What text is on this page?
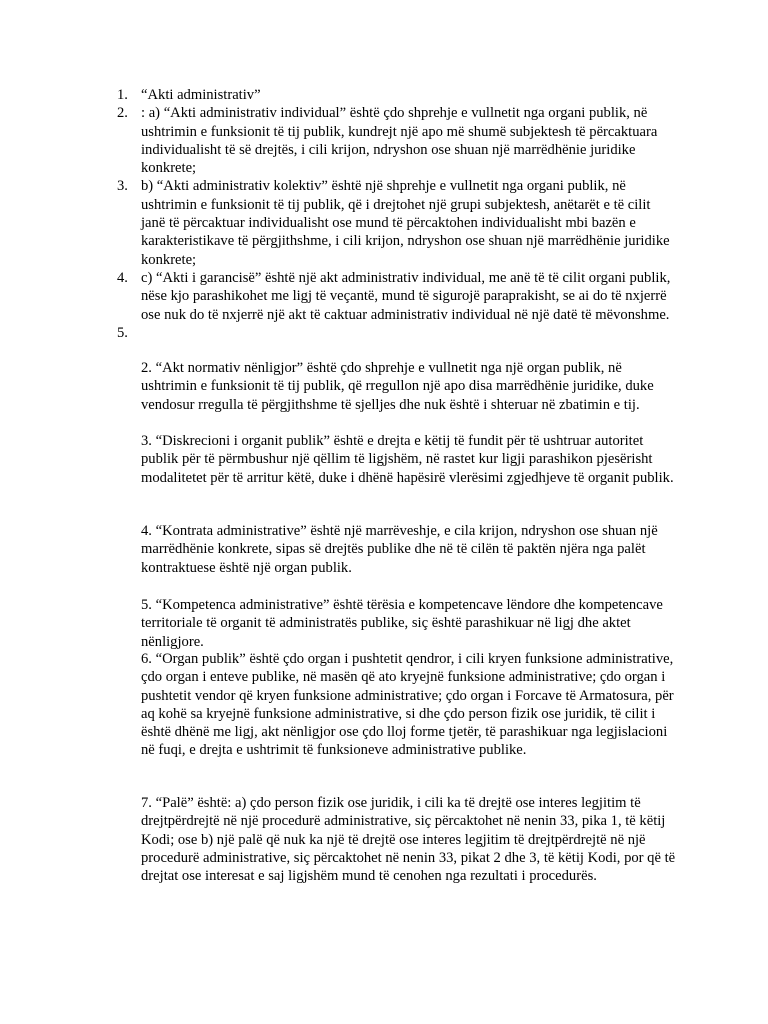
1. “Akti administrativ”
2. : a) “Akti administrativ individual” është çdo shprehje e vullnetit nga organi publik, në ushtrimin e funksionit të tij publik, kundrejt një apo më shumë subjektesh të përcaktuara individualisht të së drejtës, i cili krijon, ndryshon ose shuan një marrëdhënie juridike konkrete;
3. b) “Akti administrativ kolektiv” është një shprehje e vullnetit nga organi publik, në ushtrimin e funksionit të tij publik, që i drejtohet një grupi subjektesh, anëtarët e të cilit janë të përcaktuar individualisht ose mund të përcaktohen individualisht mbi bazën e karakteristikave të përgjithshme, i cili krijon, ndryshon ose shuan një marrëdhënie juridike konkrete;
4. c) “Akti i garancisë” është një akt administrativ individual, me anë të të cilit organi publik, nëse kjo parashikohet me ligj të veçantë, mund të sigurojë paraprakisht, se ai do të nxjerrë ose nuk do të nxjerrë një akt të caktuar administrativ individual në një datë të mëvonshme.
5.

2. “Akt normativ nënligjor” është çdo shprehje e vullnetit nga një organ publik, në ushtrimin e funksionit të tij publik, që rregullon një apo disa marrëdhënie juridike, duke vendosur rregulla të përgjithshme të sjelljes dhe nuk është i shteruar në zbatimin e tij.
3. “Diskrecioni i organit publik” është e drejta e këtij të fundit për të ushtruar autoritet publik për të përmbushur një qëllim të ligjshëm, në rastet kur ligji parashikon pjesërisht modalitetet për të arritur këtë, duke i dhënë hapësirë vlerësimi zgjedhjeve të organit publik.
4. “Kontrata administrative” është një marrëveshje, e cila krijon, ndryshon ose shuan një marrëdhënie konkrete, sipas së drejtës publike dhe në të cilën të paktën njëra nga palët kontraktuese është një organ publik.
5. “Kompetenca administrative” është tërësia e kompetencave lëndore dhe kompetencave territoriale të organit të administratës publike, siç është parashikuar në ligj dhe aktet nënligjore.
6. “Organ publik” është çdo organ i pushtetit qendror, i cili kryen funksione administrative, çdo organ i enteve publike, në masën që ato kryejnë funksione administrative; çdo organ i pushtetit vendor që kryen funksione administrative; çdo organ i Forcave të Armatosura, për aq kohë sa kryejnë funksione administrative, si dhe çdo person fizik ose juridik, të cilit i është dhënë me ligj, akt nënligjor ose çdo lloj forme tjetër, të parashikuar nga legjislacioni në fuqi, e drejta e ushtrimit të funksioneve administrative publike.
7. “Palë” është: a) çdo person fizik ose juridik, i cili ka të drejtë ose interes legjitim të drejtpërdrejtë në një procedurë administrative, siç përcaktohet në nenin 33, pika 1, të këtij Kodi; ose b) një palë që nuk ka një të drejtë ose interes legjitim të drejtpërdrejtë në një procedurë administrative, siç përcaktohet në nenin 33, pikat 2 dhe 3, të këtij Kodi, por që të drejtat ose interesat e saj ligjshëm mund të cenohen nga rezultati i procedurës.
